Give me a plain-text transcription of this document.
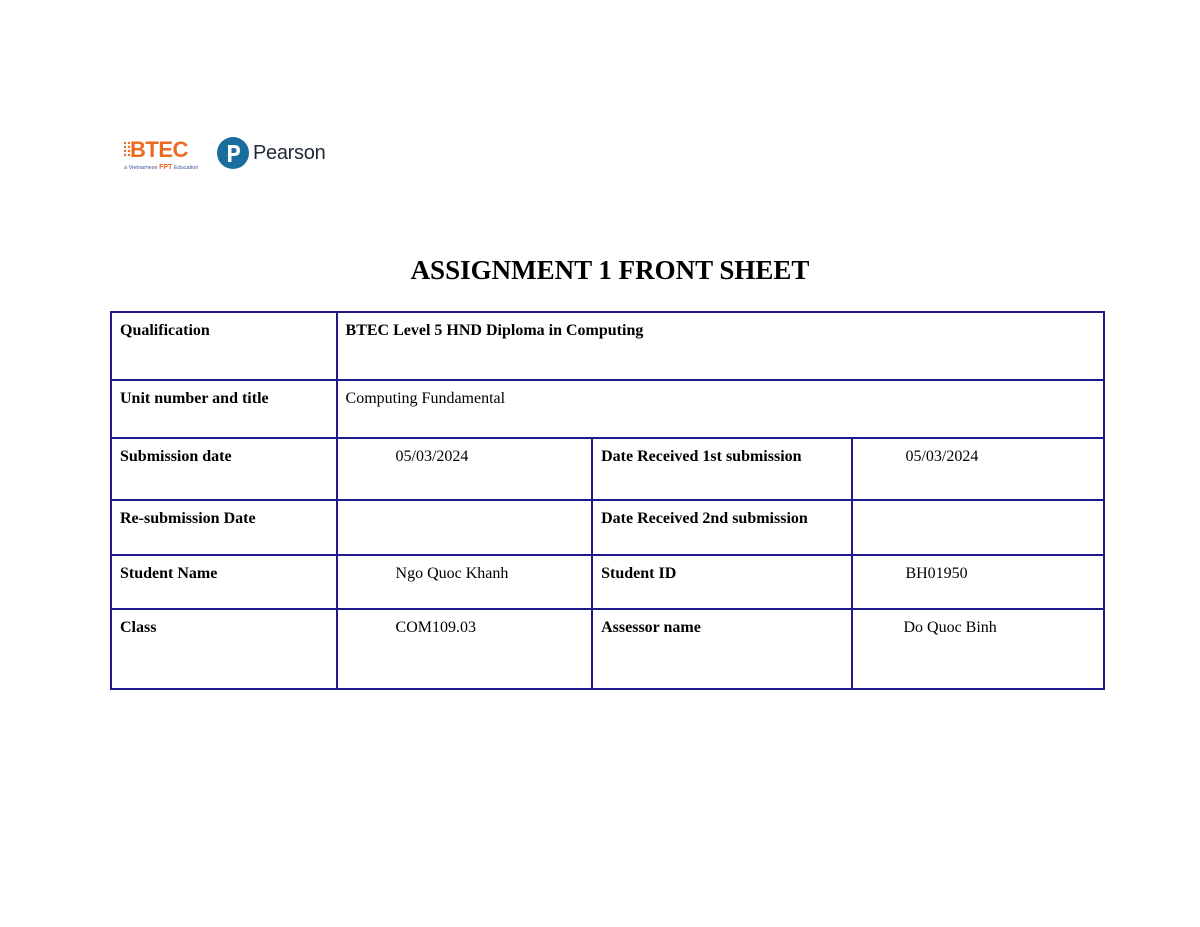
BTEC
a Vietnamese FPT Education
Pearson
ASSIGNMENT 1 FRONT SHEET
Qualification	BTEC Level 5 HND Diploma in Computing		
Unit number and title	Computing Fundamental		
Submission date	05/03/2024	Date Received 1st submission	05/03/2024
Re-submission Date		Date Received 2nd submission	
Student Name	Ngo Quoc Khanh	Student ID	BH01950
Class	COM109.03	Assessor name	Do Quoc Binh
